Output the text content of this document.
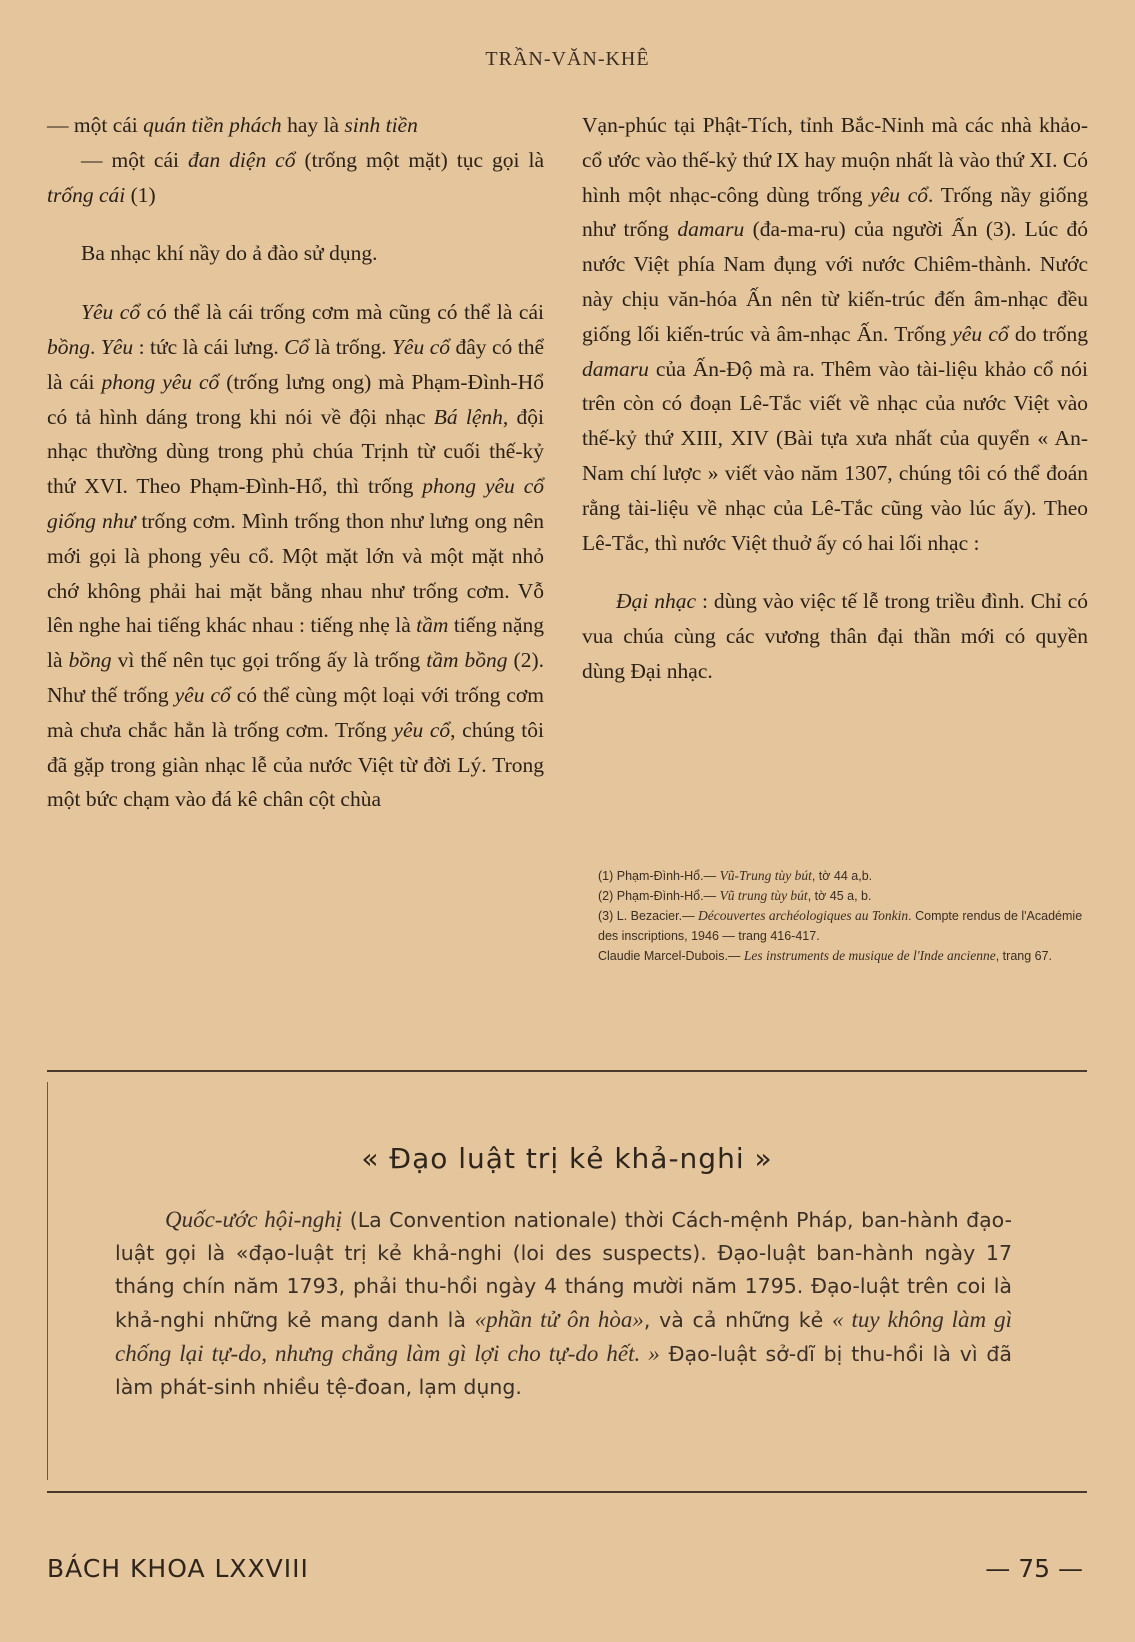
TRẦN-VĂN-KHÊ

— một cái quán tiền phách hay là sinh tiền

— một cái đan diện cổ (trống một mặt) tục gọi là trống cái (1)

Ba nhạc khí nầy do ả đào sử dụng.

Yêu cổ có thể là cái trống cơm mà cũng có thể là cái bồng. Yêu : tức là cái lưng. Cổ là trống. Yêu cổ đây có thể là cái phong yêu cổ (trống lưng ong) mà Phạm-Đình-Hổ có tả hình dáng trong khi nói về đội nhạc Bá lệnh, đội nhạc thường dùng trong phủ chúa Trịnh từ cuối thế-kỷ thứ XVI. Theo Phạm-Đình-Hổ, thì trống phong yêu cổ giống như trống cơm. Mình trống thon như lưng ong nên mới gọi là phong yêu cổ. Một mặt lớn và một mặt nhỏ chớ không phải hai mặt bằng nhau như trống cơm. Vỗ lên nghe hai tiếng khác nhau : tiếng nhẹ là tầm tiếng nặng là bồng vì thế nên tục gọi trống ấy là trống tầm bồng (2). Như thế trống yêu cổ có thể cùng một loại với trống cơm mà chưa chắc hẳn là trống cơm. Trống yêu cổ, chúng tôi đã gặp trong giàn nhạc lễ của nước Việt từ đời Lý. Trong một bức chạm vào đá kê chân cột chùa

Vạn-phúc tại Phật-Tích, tỉnh Bắc-Ninh mà các nhà khảo-cổ ước vào thế-kỷ thứ IX hay muộn nhất là vào thứ XI. Có hình một nhạc-công dùng trống yêu cổ. Trống nầy giống như trống damaru (đa-ma-ru) của người Ấn (3). Lúc đó nước Việt phía Nam đụng với nước Chiêm-thành. Nước này chịu văn-hóa Ấn nên từ kiến-trúc đến âm-nhạc đều giống lối kiến-trúc và âm-nhạc Ấn. Trống yêu cổ do trống damaru của Ấn-Độ mà ra. Thêm vào tài-liệu khảo cổ nói trên còn có đoạn Lê-Tắc viết về nhạc của nước Việt vào thế-kỷ thứ XIII, XIV (Bài tựa xưa nhất của quyển « An-Nam chí lược » viết vào năm 1307, chúng tôi có thể đoán rằng tài-liệu về nhạc của Lê-Tắc cũng vào lúc ấy). Theo Lê-Tắc, thì nước Việt thuở ấy có hai lối nhạc :

Đại nhạc : dùng vào việc tế lễ trong triều đình. Chỉ có vua chúa cùng các vương thân đại thần mới có quyền dùng Đại nhạc.

(1) Phạm-Đình-Hổ.— Vũ-Trung tùy bút, tờ 44 a,b.

(2) Phạm-Đình-Hổ.— Vũ trung tùy bút, tờ 45 a, b.

(3) L. Bezacier.— Découvertes archéologiques au Tonkin. Compte rendus de l'Académie des inscriptions, 1946 — trang 416-417.

Claudie Marcel-Dubois.— Les instruments de musique de l'Inde ancienne, trang 67.

« Đạo luật trị kẻ khả-nghi »

Quốc-ước hội-nghị (La Convention nationale) thời Cách-mệnh Pháp, ban-hành đạo-luật gọi là «đạo-luật trị kẻ khả-nghi (loi des suspects). Đạo-luật ban-hành ngày 17 tháng chín năm 1793, phải thu-hồi ngày 4 tháng mười năm 1795. Đạo-luật trên coi là khả-nghi những kẻ mang danh là «phần tử ôn hòa», và cả những kẻ « tuy không làm gì chống lại tự-do, nhưng chẳng làm gì lợi cho tự-do hết. » Đạo-luật sở-dĩ bị thu-hồi là vì đã làm phát-sinh nhiều tệ-đoan, lạm dụng.

BÁCH KHOA LXXVIII	— 75 —
